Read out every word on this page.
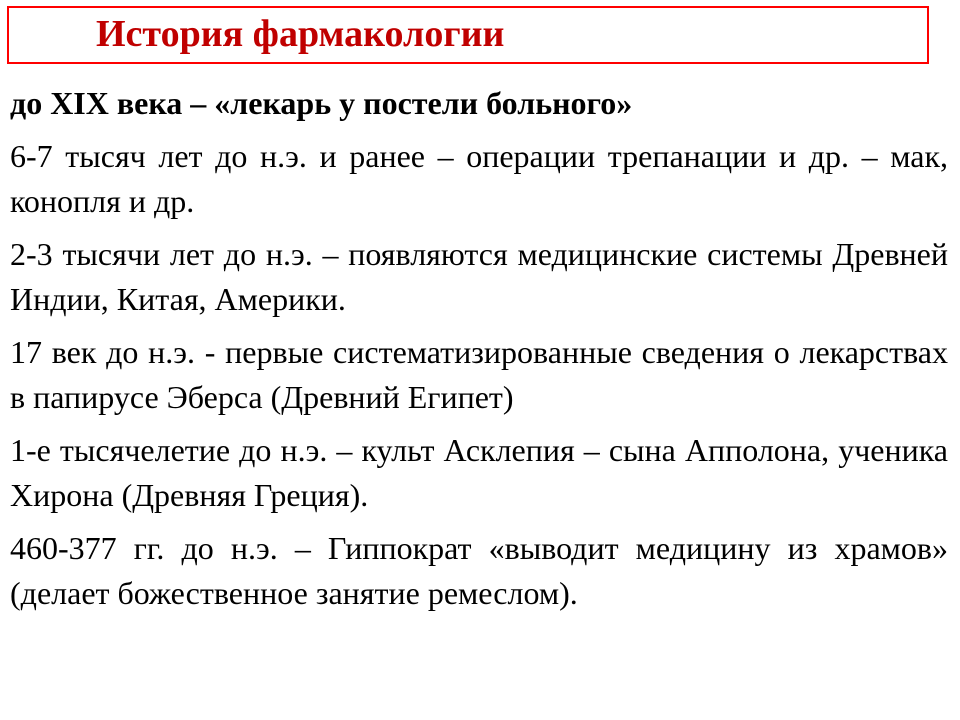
История фармакологии
до XIX века – «лекарь у постели больного»
6-7 тысяч лет до н.э. и ранее – операции трепанации и др. – мак, конопля и др.
2-3 тысячи лет до н.э. – появляются медицинские системы Древней Индии, Китая, Америки.
17 век до н.э. - первые систематизированные сведения о лекарствах в папирусе Эберса (Древний Египет)
1-е тысячелетие до н.э. – культ Асклепия – сына Апполона, ученика Хирона (Древняя Греция).
460-377 гг. до н.э. – Гиппократ «выводит медицину из храмов» (делает божественное занятие ремеслом).
